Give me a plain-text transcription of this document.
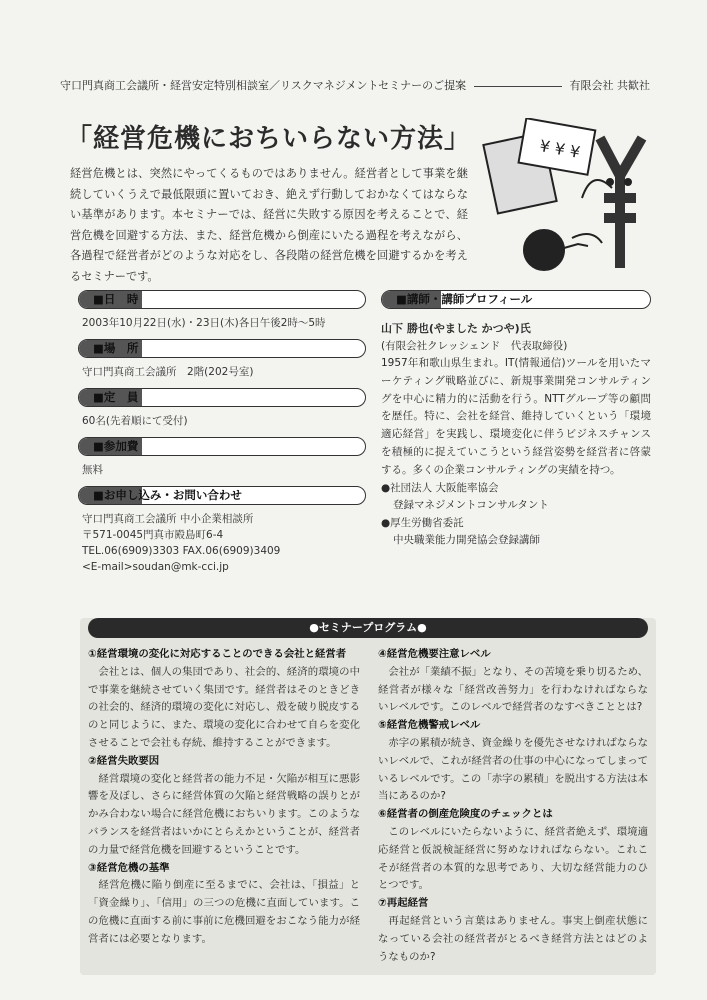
守口門真商工会議所・経営安定特別相談室／リスクマネジメントセミナーのご提案	有限会社 共歓社
「経営危機におちいらない方法」
経営危機とは、突然にやってくるものではありません。経営者として事業を継続していくうえで最低限頭に置いておき、絶えず行動しておかなくてはならない基準があります。本セミナーでは、経営に失敗する原因を考えることで、経営危機を回避する方法、また、経営危機から倒産にいたる過程を考えながら、各過程で経営者がどのような対応をし、各段階の経営危機を回避するかを考えるセミナーです。
¥ ¥ ¥
■日　時
2003年10月22日(水)・23日(木)各日午後2時～5時
■場　所
守口門真商工会議所　2階(202号室)
■定　員
60名(先着順にて受付)
■参加費
無料
■お申し込み・お問い合わせ
守口門真商工会議所 中小企業相談所
〒571-0045門真市殿島町6-4
TEL.06(6909)3303 FAX.06(6909)3409
<E-mail>soudan@mk-cci.jp
■講師・講師プロフィール
山下 勝也(やました かつや)氏
(有限会社クレッシェンド　代表取締役)
1957年和歌山県生まれ。IT(情報通信)ツールを用いたマーケティング戦略並びに、新規事業開発コンサルティングを中心に精力的に活動を行う。NTTグループ等の顧問を歴任。特に、会社を経営、維持していくという「環境適応経営」を実践し、環境変化に伴うビジネスチャンスを積極的に捉えていこうという経営姿勢を経営者に啓蒙する。多くの企業コンサルティングの実績を持つ。
●社団法人 大阪能率協会
登録マネジメントコンサルタント
●厚生労働省委託
中央職業能力開発協会登録講師
●セミナープログラム●
①経営環境の変化に対応することのできる会社と経営者
会社とは、個人の集団であり、社会的、経済的環境の中で事業を継続させていく集団です。経営者はそのときどきの社会的、経済的環境の変化に対応し、殻を破り脱皮するのと同じように、また、環境の変化に合わせて自らを変化させることで会社も存続、維持することができます。
②経営失敗要因
経営環境の変化と経営者の能力不足・欠陥が相互に悪影響を及ぼし、さらに経営体質の欠陥と経営戦略の誤りとがかみ合わない場合に経営危機におちいります。このようなバランスを経営者はいかにとらえかということが、経営者の力量で経営危機を回避するということです。
③経営危機の基準
経営危機に陥り倒産に至るまでに、会社は、「損益」と「資金繰り」、「信用」の三つの危機に直面しています。この危機に直面する前に事前に危機回避をおこなう能力が経営者には必要となります。
④経営危機要注意レベル
会社が「業績不振」となり、その苦境を乗り切るため、経営者が様々な「経営改善努力」を行わなければならないレベルです。このレベルで経営者のなすべきこととは?
⑤経営危機警戒レベル
赤字の累積が続き、資金繰りを優先させなければならないレベルで、これが経営者の仕事の中心になってしまっているレベルです。この「赤字の累積」を脱出する方法は本当にあるのか?
⑥経営者の倒産危険度のチェックとは
このレベルにいたらないように、経営者絶えず、環境適応経営と仮説検証経営に努めなければならない。これこそが経営者の本質的な思考であり、大切な経営能力のひとつです。
⑦再起経営
再起経営という言葉はありません。事実上倒産状態になっている会社の経営者がとるべき経営方法とはどのようなものか?
